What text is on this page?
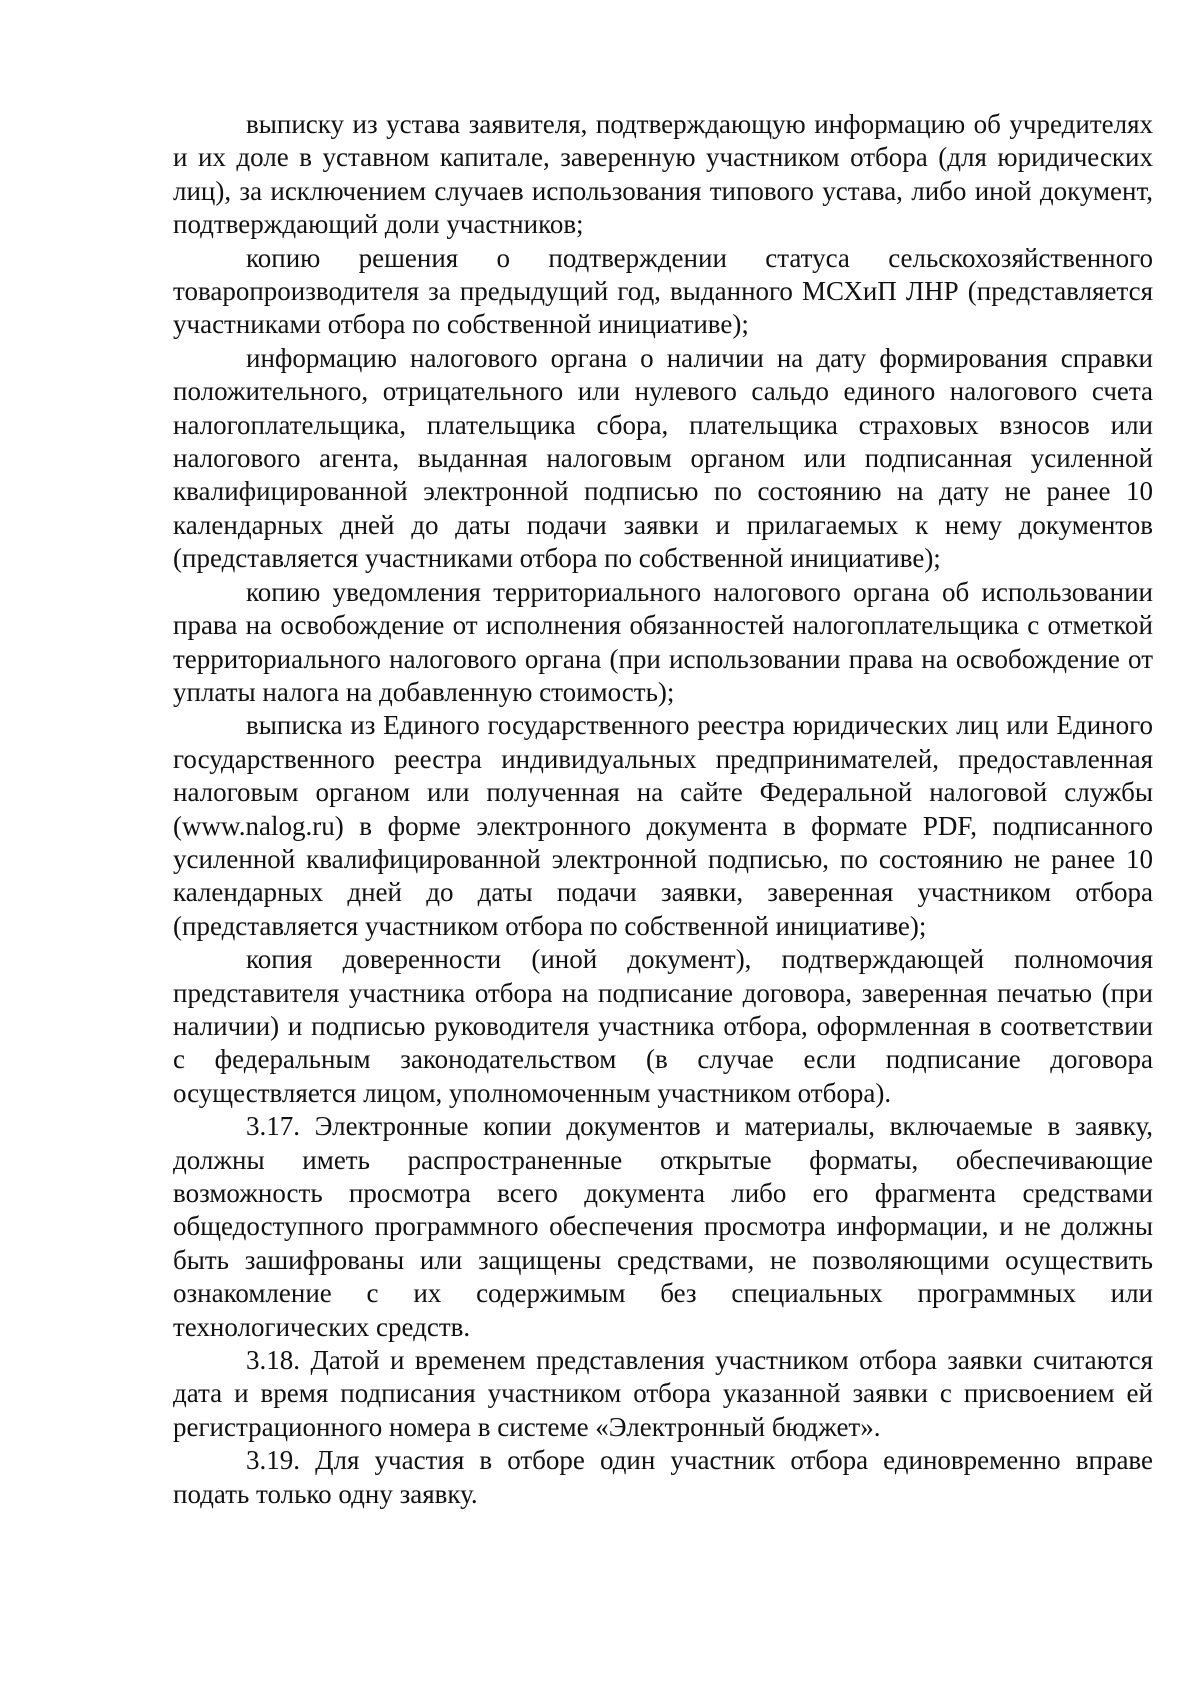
выписку из устава заявителя, подтверждающую информацию об учредителях и их доле в уставном капитале, заверенную участником отбора (для юридических лиц), за исключением случаев использования типового устава, либо иной документ, подтверждающий доли участников;

копию решения о подтверждении статуса сельскохозяйственного товаропроизводителя за предыдущий год, выданного МСХиП ЛНР (представляется участниками отбора по собственной инициативе);

информацию налогового органа о наличии на дату формирования справки положительного, отрицательного или нулевого сальдо единого налогового счета налогоплательщика, плательщика сбора, плательщика страховых взносов или налогового агента, выданная налоговым органом или подписанная усиленной квалифицированной электронной подписью по состоянию на дату не ранее 10 календарных дней до даты подачи заявки и прилагаемых к нему документов (представляется участниками отбора по собственной инициативе);

копию уведомления территориального налогового органа об использовании права на освобождение от исполнения обязанностей налогоплательщика с отметкой территориального налогового органа (при использовании права на освобождение от уплаты налога на добавленную стоимость);

выписка из Единого государственного реестра юридических лиц или Единого государственного реестра индивидуальных предпринимателей, предоставленная налоговым органом или полученная на сайте Федеральной налоговой службы (www.nalog.ru) в форме электронного документа в формате PDF, подписанного усиленной квалифицированной электронной подписью, по состоянию не ранее 10 календарных дней до даты подачи заявки, заверенная участником отбора (представляется участником отбора по собственной инициативе);

копия доверенности (иной документ), подтверждающей полномочия представителя участника отбора на подписание договора, заверенная печатью (при наличии) и подписью руководителя участника отбора, оформленная в соответствии с федеральным законодательством (в случае если подписание договора осуществляется лицом, уполномоченным участником отбора).

3.17. Электронные копии документов и материалы, включаемые в заявку, должны иметь распространенные открытые форматы, обеспечивающие возможность просмотра всего документа либо его фрагмента средствами общедоступного программного обеспечения просмотра информации, и не должны быть зашифрованы или защищены средствами, не позволяющими осуществить ознакомление с их содержимым без специальных программных или технологических средств.

3.18. Датой и временем представления участником отбора заявки считаются дата и время подписания участником отбора указанной заявки с присвоением ей регистрационного номера в системе «Электронный бюджет».

3.19. Для участия в отборе один участник отбора единовременно вправе подать только одну заявку.
